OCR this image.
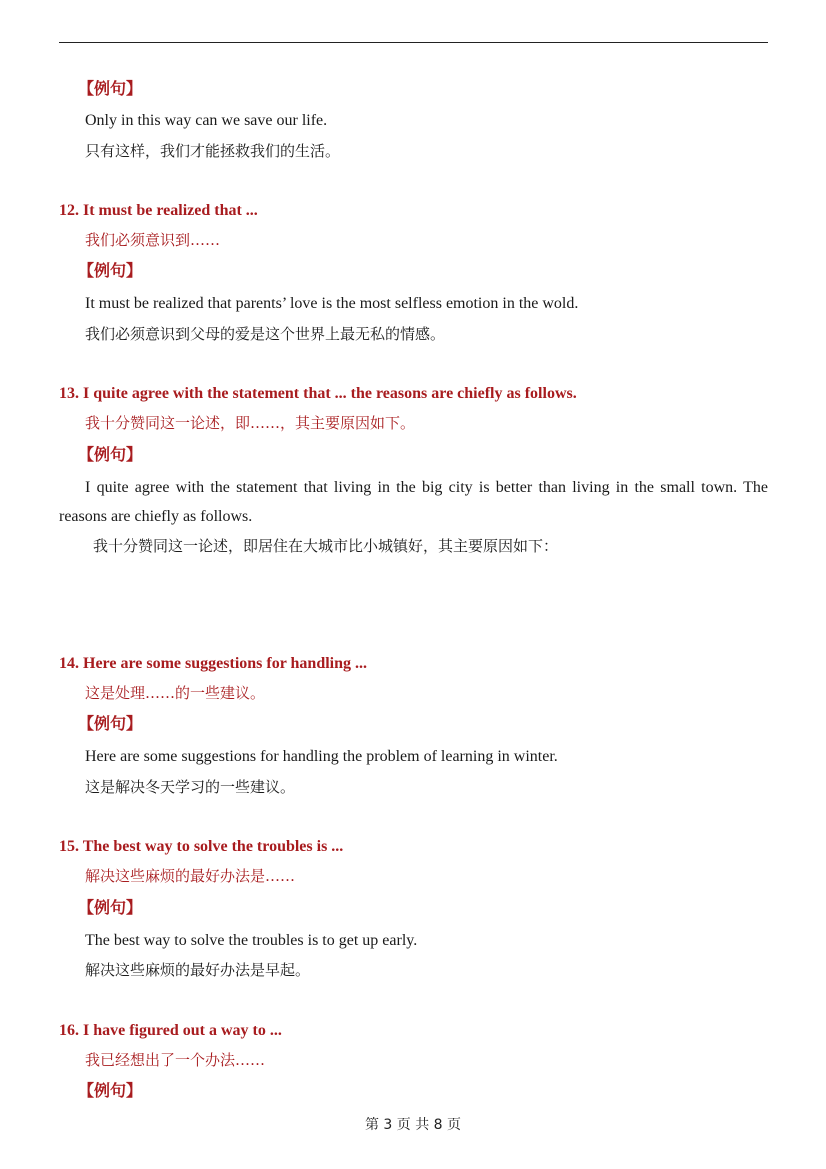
【例句】
Only in this way can we save our life.
只有这样，我们才能拯救我们的生活。
12. It must be realized that ...
我们必须意识到……
【例句】
It must be realized that parents’ love is the most selfless emotion in the wold.
我们必须意识到父母的爱是这个世界上最无私的情感。
13. I quite agree with the statement that ... the reasons are chiefly as follows.
我十分赞同这一论述，即……，其主要原因如下。
【例句】
I quite agree with the statement that living in the big city is better than living in the small town. The reasons are chiefly as follows.
我十分赞同这一论述，即居住在大城市比小城镇好，其主要原因如下：
14. Here are some suggestions for handling ...
这是处理……的一些建议。
【例句】
Here are some suggestions for handling the problem of learning in winter.
这是解决冬天学习的一些建议。
15. The best way to solve the troubles is ...
解决这些麻烦的最好办法是……
【例句】
The best way to solve the troubles is to get up early.
解决这些麻烦的最好办法是早起。
16. I have figured out a way to ...
我已经想出了一个办法……
【例句】
第 3 页 共 8 页
